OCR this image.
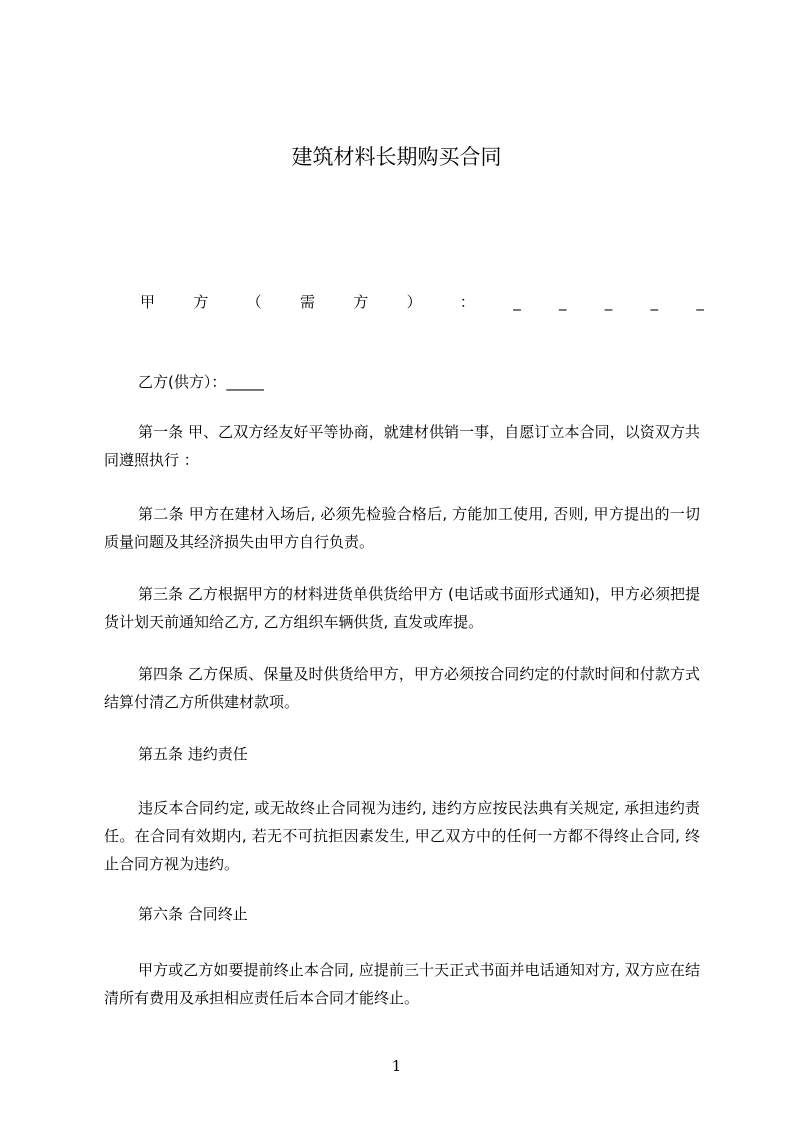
建筑材料长期购买合同
甲	方	（	需	方	）	：	_	_	_	_	_
乙方(供方）：_____

第一条 甲、乙双方经友好平等协商，就建材供销一事，自愿订立本合同，以资双方共同遵照执行 ：

第二条 甲方在建材入场后, 必须先检验合格后, 方能加工使用, 否则, 甲方提出的一切质量问题及其经济损失由甲方自行负责。

第三条 乙方根据甲方的材料进货单供货给甲方 (电话或书面形式通知)，甲方必须把提货计划天前通知给乙方, 乙方组织车辆供货, 直发或库提。

第四条 乙方保质、保量及时供货给甲方，甲方必须按合同约定的付款时间和付款方式结算付清乙方所供建材款项。

第五条 违约责任

违反本合同约定, 或无故终止合同视为违约, 违约方应按民法典有关规定, 承担违约责任。在合同有效期内, 若无不可抗拒因素发生, 甲乙双方中的任何一方都不得终止合同, 终止合同方视为违约。

第六条 合同终止

甲方或乙方如要提前终止本合同, 应提前三十天正式书面并电话通知对方, 双方应在结清所有费用及承担相应责任后本合同才能终止。

1
